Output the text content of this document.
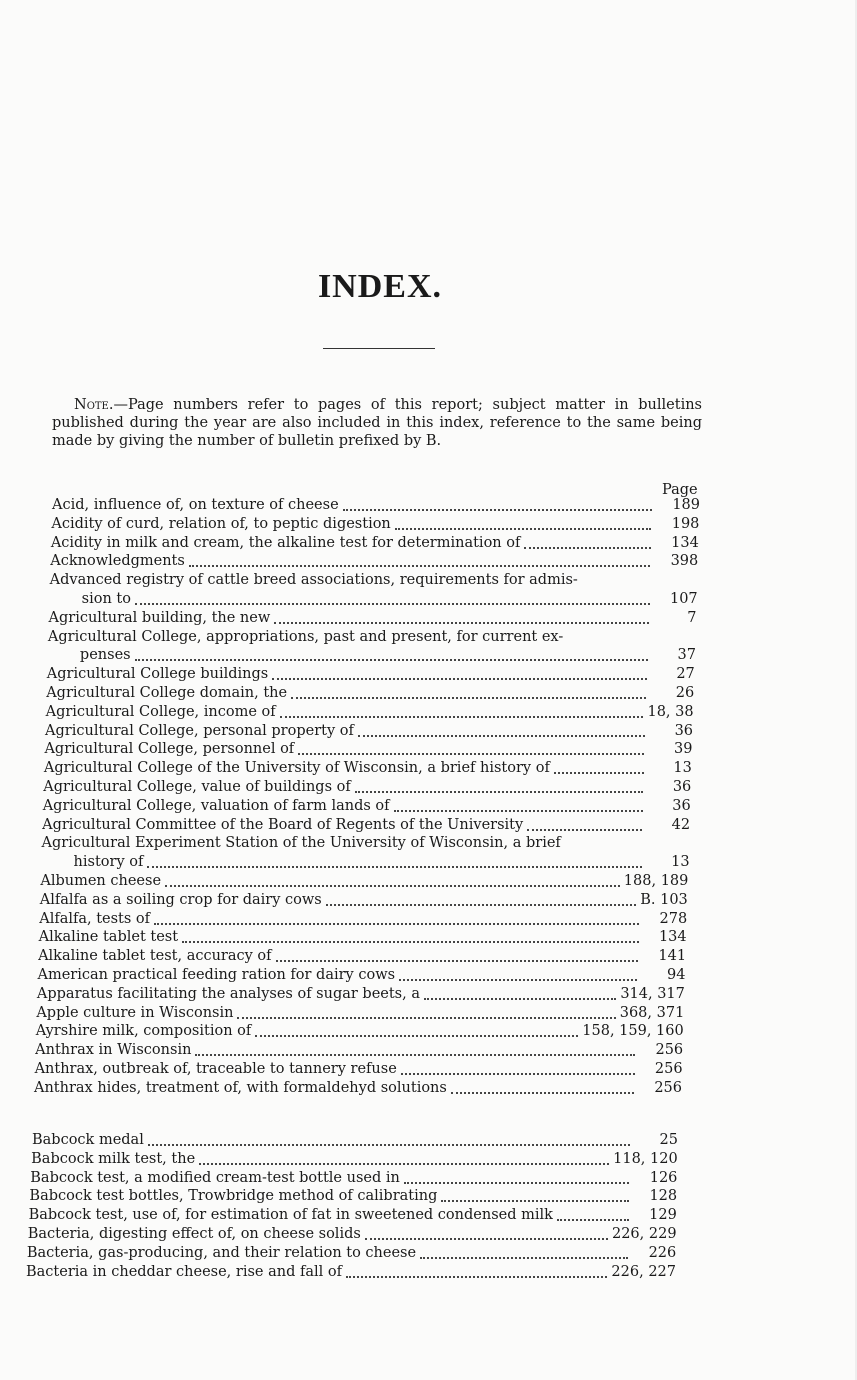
INDEX.
Note.—Page numbers refer to pages of this report; subject matter in bulletins published during the year are also included in this index, reference to the same being made by giving the number of bulletin prefixed by B.
Page
Acid, influence of, on texture of cheese	189
Acidity of curd, relation of, to peptic digestion	198
Acidity in milk and cream, the alkaline test for determination of	134
Acknowledgments	398
Advanced registry of cattle breed associations, requirements for admis-
sion to	107
Agricultural building, the new	7
Agricultural College, appropriations, past and present, for current ex-
penses	37
Agricultural College buildings	27
Agricultural College domain, the	26
Agricultural College, income of	18, 38
Agricultural College, personal property of	36
Agricultural College, personnel of	39
Agricultural College of the University of Wisconsin, a brief history of	13
Agricultural College, value of buildings of	36
Agricultural College, valuation of farm lands of	36
Agricultural Committee of the Board of Regents of the University	42
Agricultural Experiment Station of the University of Wisconsin, a brief
history of	13
Albumen cheese	188, 189
Alfalfa as a soiling crop for dairy cows	B. 103
Alfalfa, tests of	278
Alkaline tablet test	134
Alkaline tablet test, accuracy of	141
American practical feeding ration for dairy cows	94
Apparatus facilitating the analyses of sugar beets, a	314, 317
Apple culture in Wisconsin	368, 371
Ayrshire milk, composition of	158, 159, 160
Anthrax in Wisconsin	256
Anthrax, outbreak of, traceable to tannery refuse	256
Anthrax hides, treatment of, with formaldehyd solutions	256
Babcock medal	25
Babcock milk test, the	118, 120
Babcock test, a modified cream-test bottle used in	126
Babcock test bottles, Trowbridge method of calibrating	128
Babcock test, use of, for estimation of fat in sweetened condensed milk	129
Bacteria, digesting effect of, on cheese solids	226, 229
Bacteria, gas-producing, and their relation to cheese	226
Bacteria in cheddar cheese, rise and fall of	226, 227
